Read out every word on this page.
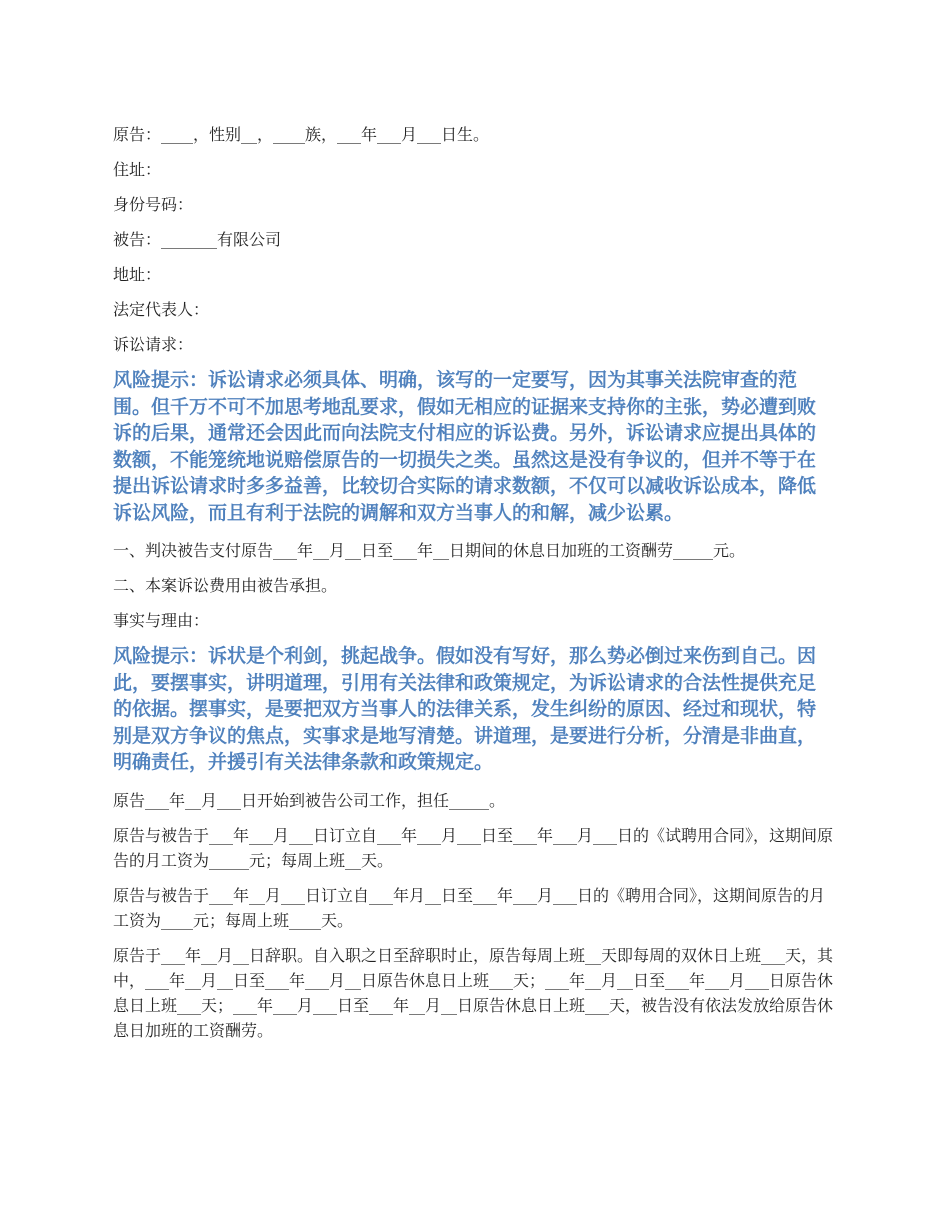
原告：____，性别__，____族，___年___月___日生。

住址：

身份号码：

被告：_______有限公司

地址：

法定代表人：

诉讼请求：

风险提示：诉讼请求必须具体、明确，该写的一定要写，因为其事关法院审查的范围。但千万不可不加思考地乱要求，假如无相应的证据来支持你的主张，势必遭到败诉的后果，通常还会因此而向法院支付相应的诉讼费。另外，诉讼请求应提出具体的数额，不能笼统地说赔偿原告的一切损失之类。虽然这是没有争议的，但并不等于在提出诉讼请求时多多益善，比较切合实际的请求数额，不仅可以减收诉讼成本，降低诉讼风险，而且有利于法院的调解和双方当事人的和解，减少讼累。

一、判决被告支付原告___年__月__日至___年__日期间的休息日加班的工资酬劳_____元。

二、本案诉讼费用由被告承担。

事实与理由：

风险提示：诉状是个利剑，挑起战争。假如没有写好，那么势必倒过来伤到自己。因此，要摆事实，讲明道理，引用有关法律和政策规定，为诉讼请求的合法性提供充足的依据。摆事实，是要把双方当事人的法律关系，发生纠纷的原因、经过和现状，特别是双方争议的焦点，实事求是地写清楚。讲道理，是要进行分析，分清是非曲直，明确责任，并援引有关法律条款和政策规定。

原告___年__月___日开始到被告公司工作，担任_____。

原告与被告于___年___月___日订立自___年___月___日至___年___月___日的《试聘用合同》，这期间原告的月工资为_____元；每周上班__天。

原告与被告于___年__月___日订立自___年月__日至___年___月___日的《聘用合同》，这期间原告的月工资为____元；每周上班____天。

原告于___年__月__日辞职。自入职之日至辞职时止，原告每周上班__天即每周的双休日上班___天，其中，___年__月__日至___年___月__日原告休息日上班___天；___年__月__日至___年___月___日原告休息日上班___天；___年___月___日至___年__月__日原告休息日上班___天，被告没有依法发放给原告休息日加班的工资酬劳。
